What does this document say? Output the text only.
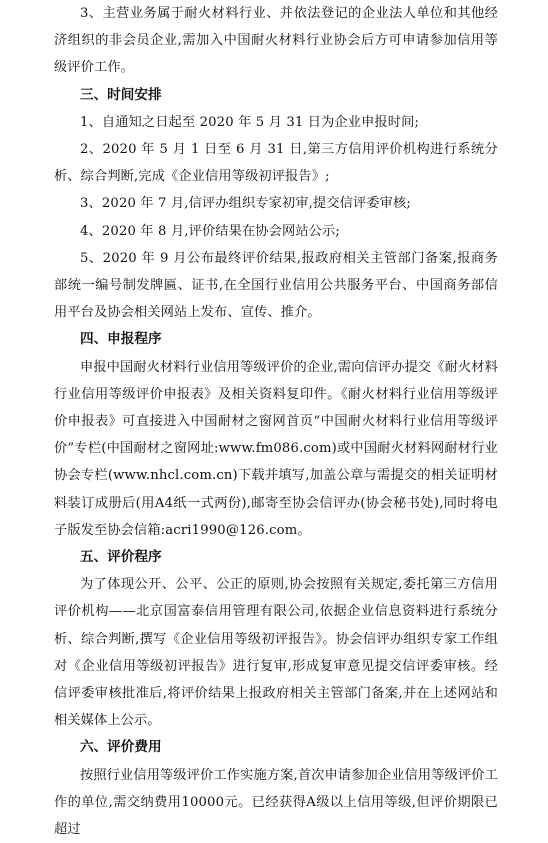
3、主营业务属于耐火材料行业、并依法登记的企业法人单位和其他经济组织的非会员企业,需加入中国耐火材料行业协会后方可申请参加信用等级评价工作。

三、时间安排

1、自通知之日起至 2020 年 5 月 31 日为企业申报时间;

2、2020 年 5 月 1 日至 6 月 31 日,第三方信用评价机构进行系统分析、综合判断,完成《企业信用等级初评报告》;

3、2020 年 7 月,信评办组织专家初审,提交信评委审核;

4、2020 年 8 月,评价结果在协会网站公示;

5、2020 年 9 月公布最终评价结果,报政府相关主管部门备案,报商务部统一编号制发牌匾、证书,在全国行业信用公共服务平台、中国商务部信用平台及协会相关网站上发布、宣传、推介。

四、申报程序

申报中国耐火材料行业信用等级评价的企业,需向信评办提交《耐火材料行业信用等级评价申报表》及相关资料复印件。《耐火材料行业信用等级评价申报表》可直接进入中国耐材之窗网首页“中国耐火材料行业信用等级评价”专栏(中国耐材之窗网址:www.fm086.com)或中国耐火材料网耐材行业协会专栏(www.nhcl.com.cn)下载并填写,加盖公章与需提交的相关证明材料装订成册后(用A4纸一式两份),邮寄至协会信评办(协会秘书处),同时将电子版发至协会信箱:acri1990@126.com。

五、评价程序

为了体现公开、公平、公正的原则,协会按照有关规定,委托第三方信用评价机构——北京国富泰信用管理有限公司,依据企业信息资料进行系统分析、综合判断,撰写《企业信用等级初评报告》。协会信评办组织专家工作组对《企业信用等级初评报告》进行复审,形成复审意见提交信评委审核。经信评委审核批准后,将评价结果上报政府相关主管部门备案,并在上述网站和相关媒体上公示。

六、评价费用

按照行业信用等级评价工作实施方案,首次申请参加企业信用等级评价工作的单位,需交纳费用10000元。已经获得A级以上信用等级,但评价期限已超过
